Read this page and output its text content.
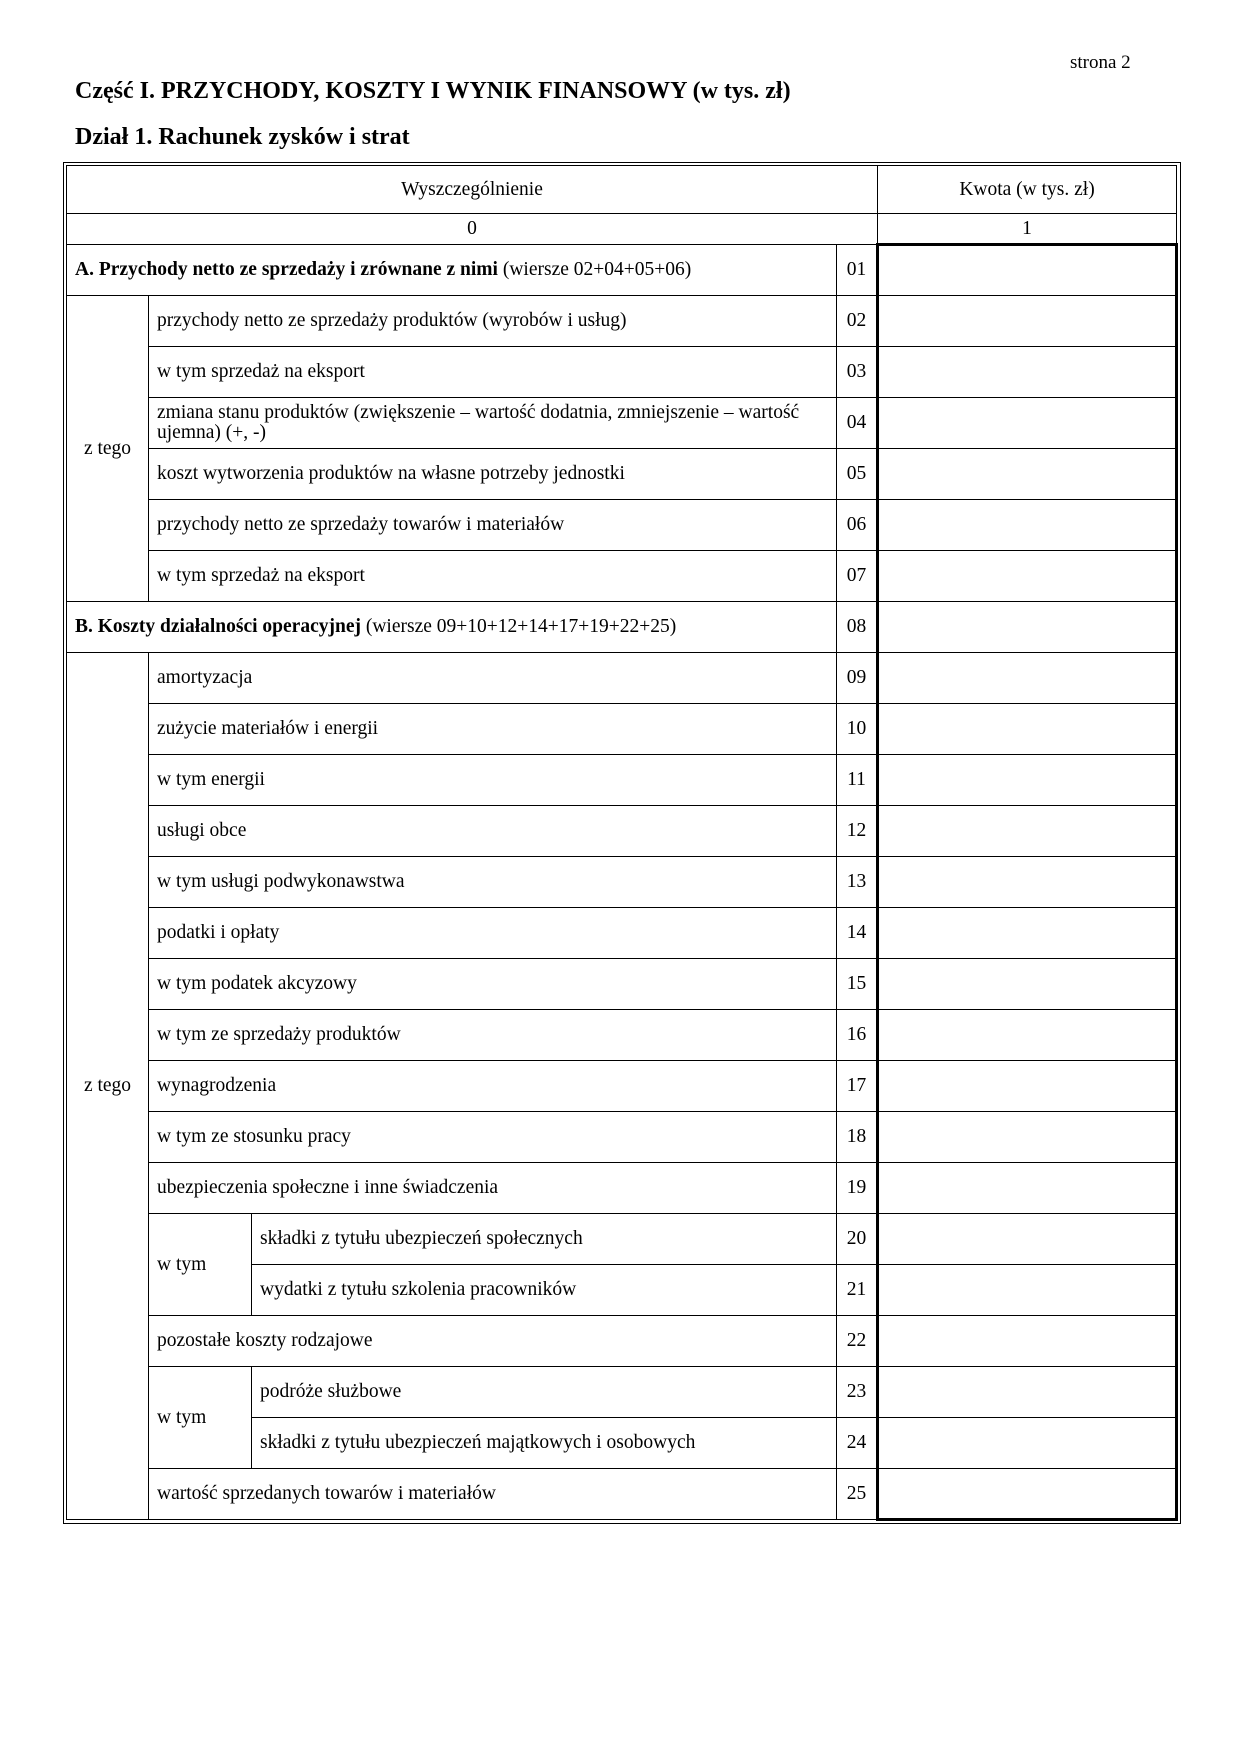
strona 2
Część I. PRZYCHODY, KOSZTY I WYNIK FINANSOWY (w tys. zł)
Dział 1. Rachunek zysków i strat
Wyszczególnienie				Kwota (w tys. zł)
0				1
A. Przychody netto ze sprzedaży i zrównane z nimi (wiersze 02+04+05+06)			01	
z tego	przychody netto ze sprzedaży produktów (wyrobów i usług)		02	
	w tym sprzedaż na eksport		03	
	zmiana stanu produktów (zwiększenie – wartość dodatnia, zmniejszenie – wartość ujemna) (+, -)		04	
	koszt wytworzenia produktów na własne potrzeby jednostki		05	
	przychody netto ze sprzedaży towarów i materiałów		06	
	w tym sprzedaż na eksport		07	
B. Koszty działalności operacyjnej (wiersze 09+10+12+14+17+19+22+25)			08	
z tego	amortyzacja		09	
	zużycie materiałów i energii		10	
	w tym energii		11	
	usługi obce		12	
	w tym usługi podwykonawstwa		13	
	podatki i opłaty		14	
	w tym podatek akcyzowy		15	
	w tym ze sprzedaży produktów		16	
	wynagrodzenia		17	
	w tym ze stosunku pracy		18	
	ubezpieczenia społeczne i inne świadczenia		19	
	w tym	składki z tytułu ubezpieczeń społecznych	20	
		wydatki z tytułu szkolenia pracowników	21	
	pozostałe koszty rodzajowe		22	
	w tym	podróże służbowe	23	
		składki z tytułu ubezpieczeń majątkowych i osobowych	24	
	wartość sprzedanych towarów i materiałów		25	
